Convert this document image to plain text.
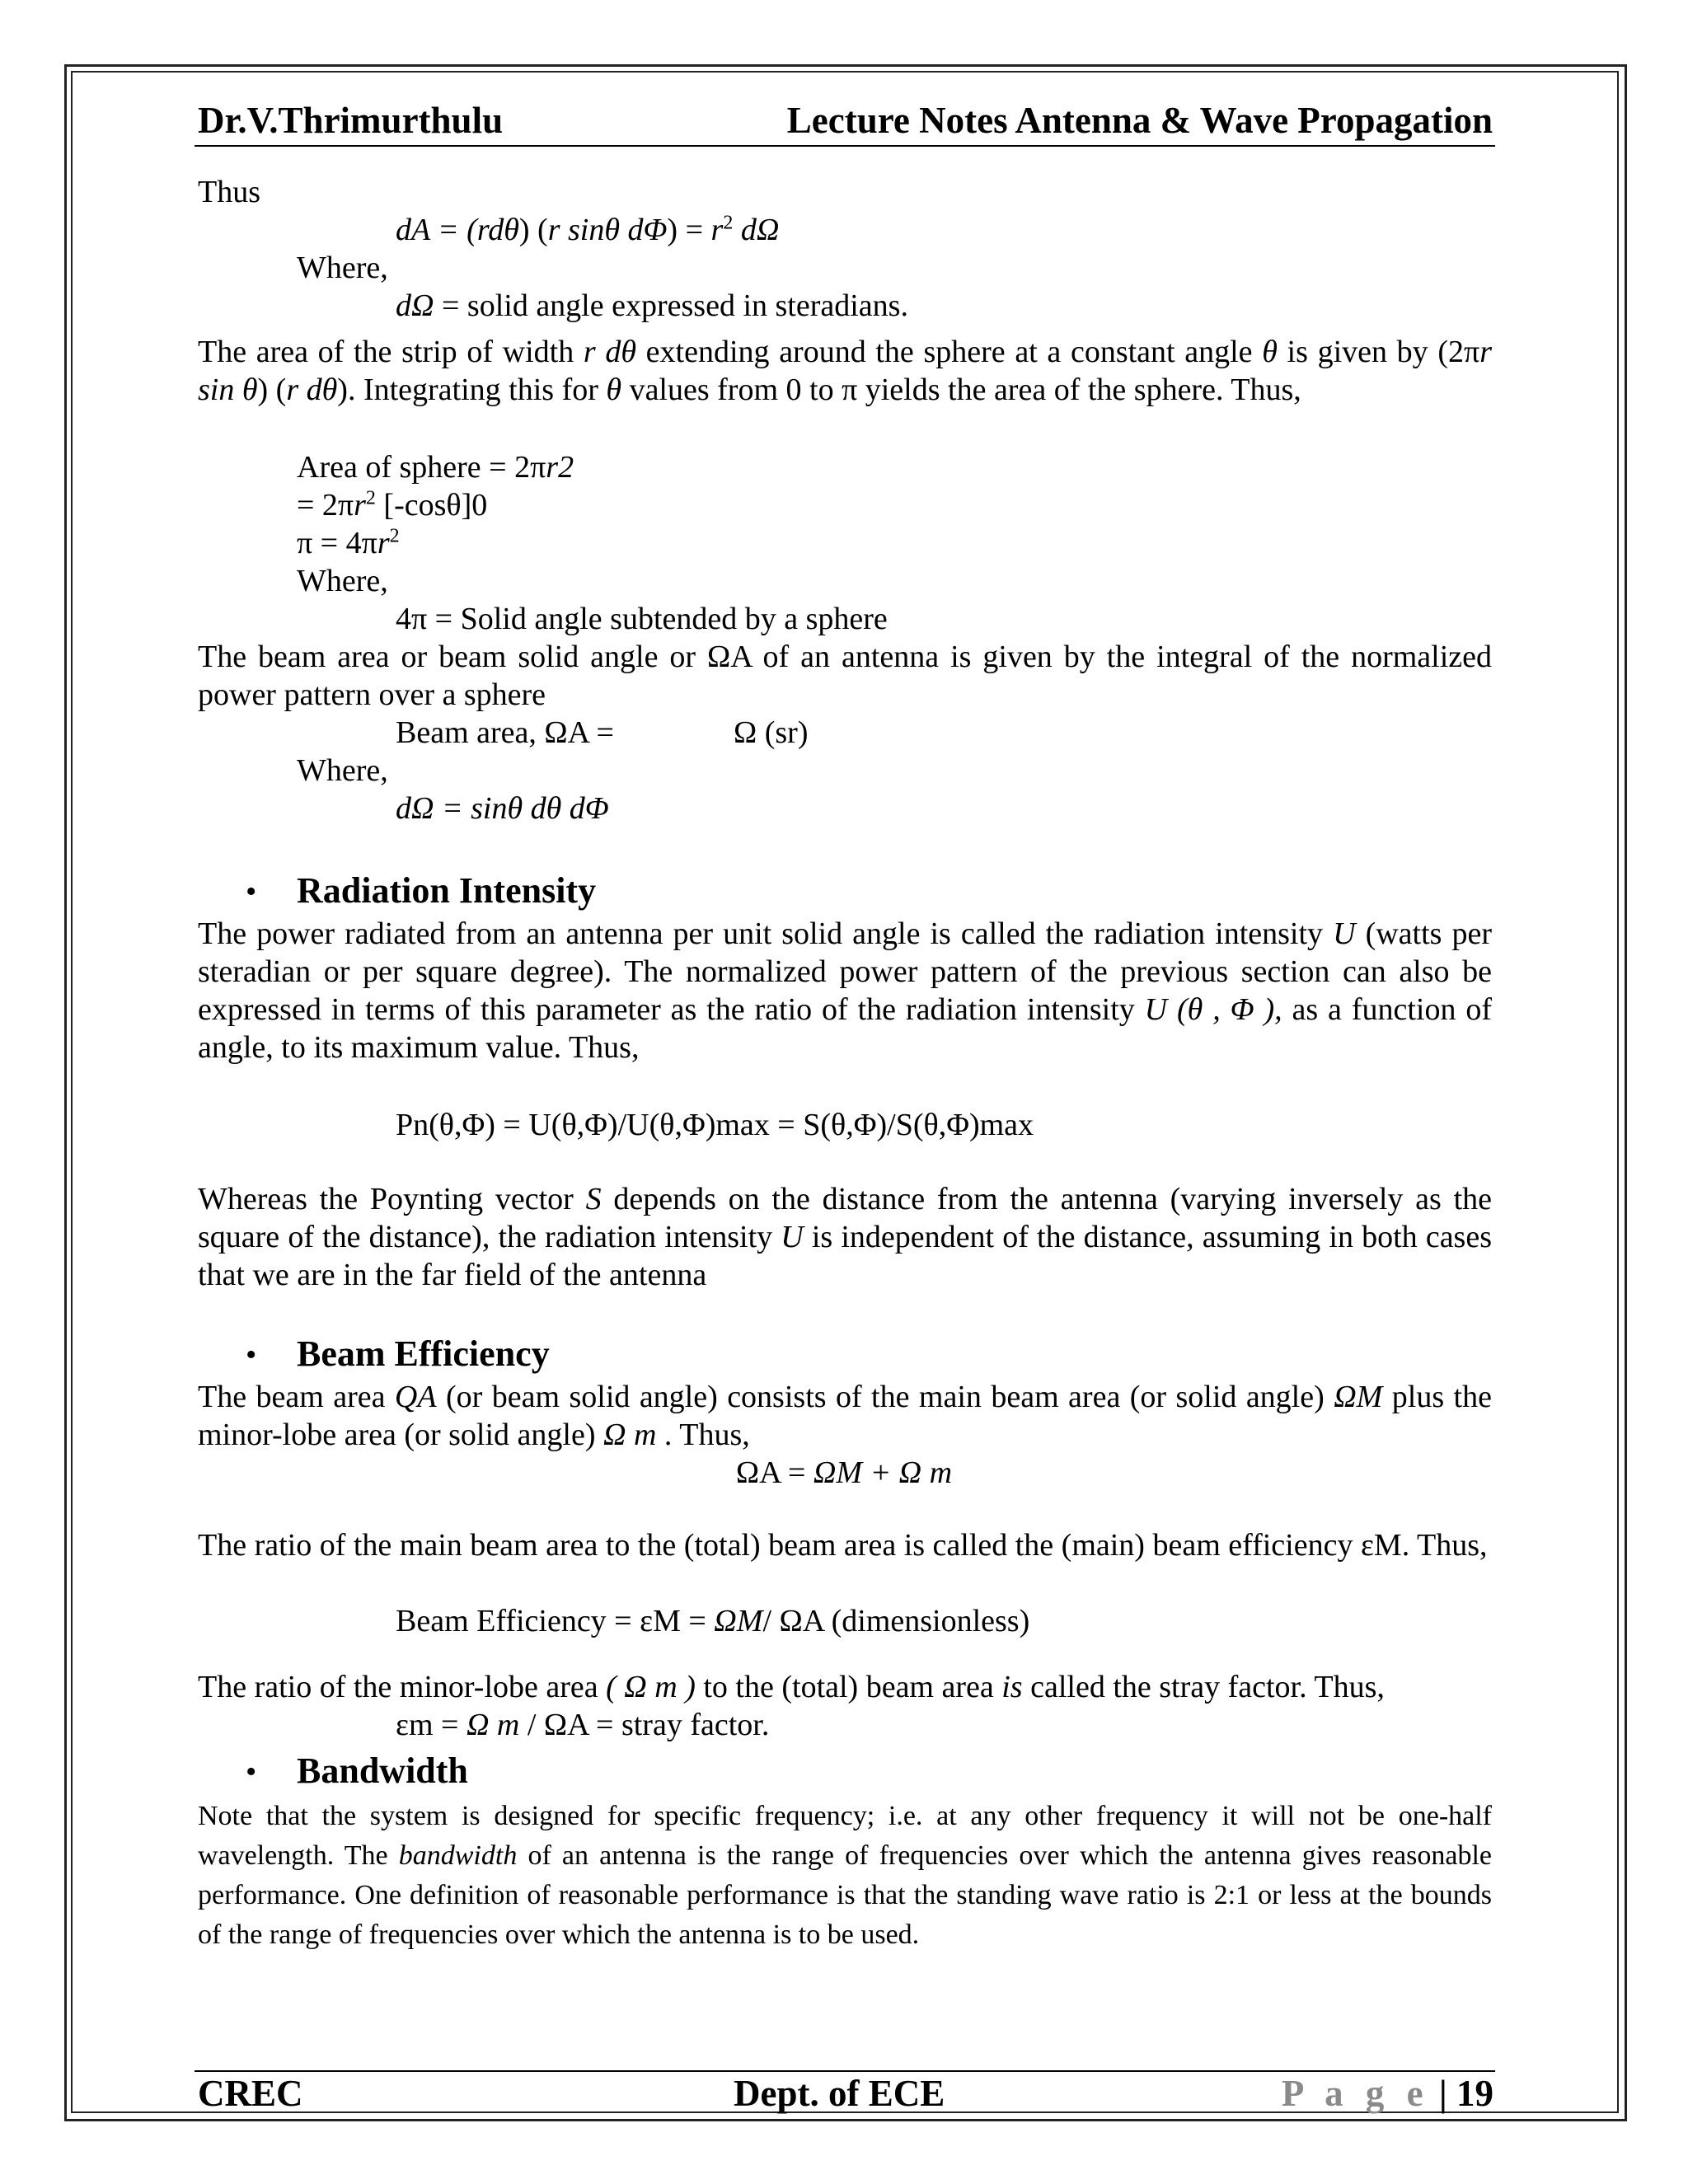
Dr.V.Thrimurthulu	Lecture Notes Antenna & Wave Propagation
Thus
dA = (rdθ) (r sinθ $d\Phi) = r^2$ dΩ
Where,
dΩ = solid angle expressed in steradians.
The area of the strip of width r dθ extending around the sphere at a constant angle θ is given by (2πr sin θ) (r dθ). Integrating this for θ values from 0 to π yields the area of the sphere. Thus,
Area of sphere = 2πr2
= $2\pi r^2$ [-cosθ]0
$\pi = 4\pi r^2$
Where,
4π = Solid angle subtended by a sphere
The beam area or beam solid angle or ΩA of an antenna is given by the integral of the normalized power pattern over a sphere
Beam area, ΩA =	Ω (sr)
Where,
dΩ = sinθ dθ dΦ
• Radiation Intensity
The power radiated from an antenna per unit solid angle is called the radiation intensity U (watts per steradian or per square degree). The normalized power pattern of the previous section can also be expressed in terms of this parameter as the ratio of the radiation intensity U (θ , Φ ), as a function of angle, to its maximum value. Thus,
Pn(θ,Φ) = U(θ,Φ)/U(θ,Φ)max = S(θ,Φ)/S(θ,Φ)max
Whereas the Poynting vector S depends on the distance from the antenna (varying inversely as the square of the distance), the radiation intensity U is independent of the distance, assuming in both cases that we are in the far field of the antenna
• Beam Efficiency
The beam area QA (or beam solid angle) consists of the main beam area (or solid angle) ΩM plus the minor-lobe area (or solid angle) Ω m . Thus,
ΩA = ΩM + Ω m
The ratio of the main beam area to the (total) beam area is called the (main) beam efficiency εM. Thus,
Beam Efficiency = εM = ΩM/ ΩA (dimensionless)
The ratio of the minor-lobe area ( Ω m ) to the (total) beam area is called the stray factor. Thus,
εm = Ω m / ΩA = stray factor.
• Bandwidth
Note that the system is designed for specific frequency; i.e. at any other frequency it will not be one-half wavelength. The bandwidth of an antenna is the range of frequencies over which the antenna gives reasonable performance. One definition of reasonable performance is that the standing wave ratio is 2:1 or less at the bounds of the range of frequencies over which the antenna is to be used.
CREC	Dept. of ECE	P a g e | 19
